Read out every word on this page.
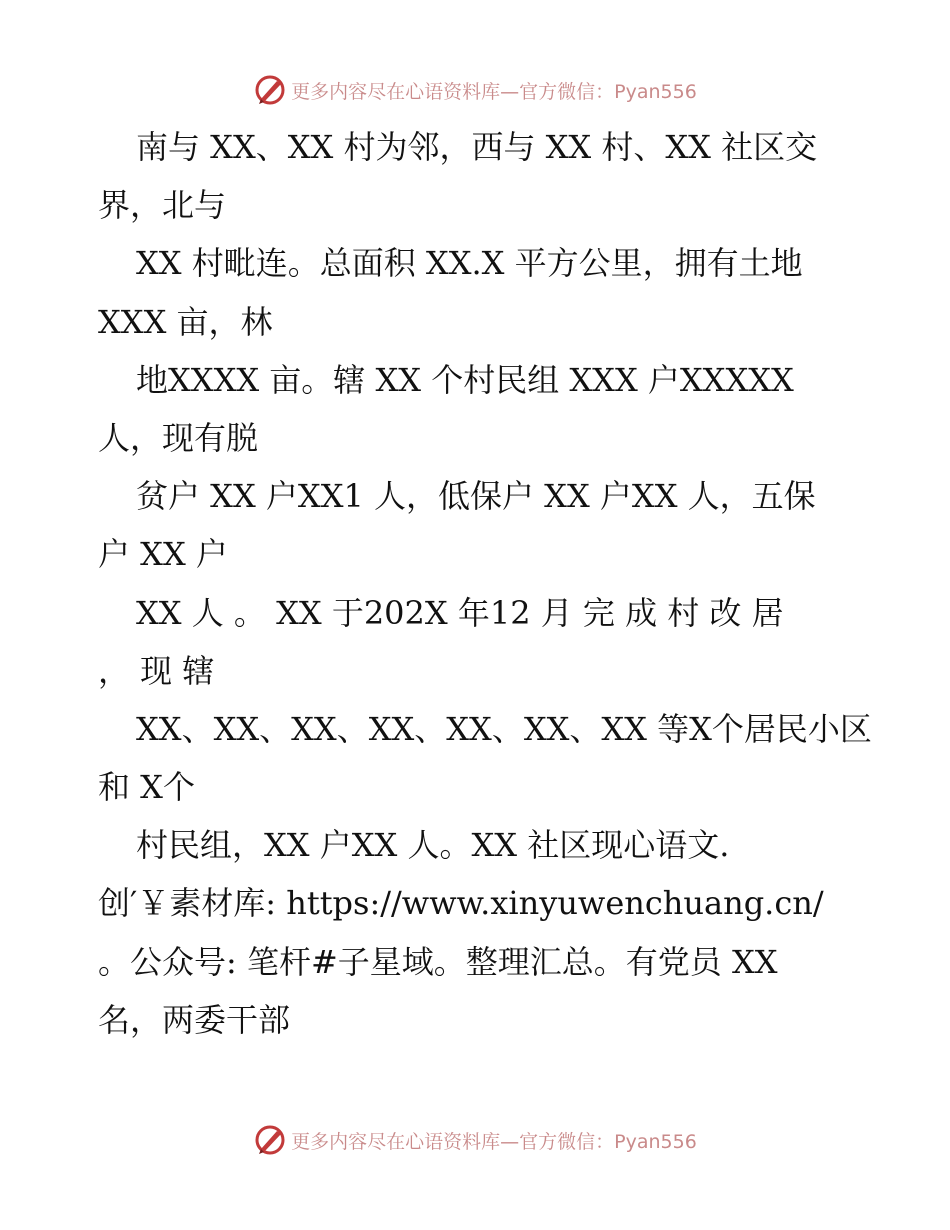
更多内容尽在心语资料库—官方微信：Pyan556
南与 XX、XX 村为邻，西与 XX 村、XX 社区交
界，北与
XX 村毗连。总面积 XX.X 平方公里，拥有土地
XXX 亩，林
地XXXX 亩。辖 XX 个村民组 XXX 户XXXXX
人，现有脱
贫户 XX 户XX1 人，低保户 XX 户XX 人，五保
户 XX 户
XX 人 。 XX 于202X 年12 月 完 成 村 改 居
， 现 辖
XX、XX、XX、XX、XX、XX、XX 等X个居民小区
和 X个
村民组，XX 户XX 人。XX 社区现心语文.
创′￥素材库: https://www.xinyuwenchuang.cn/
。公众号: 笔杆#子星域。整理汇总。有党员 XX
名，两委干部
更多内容尽在心语资料库—官方微信：Pyan556
